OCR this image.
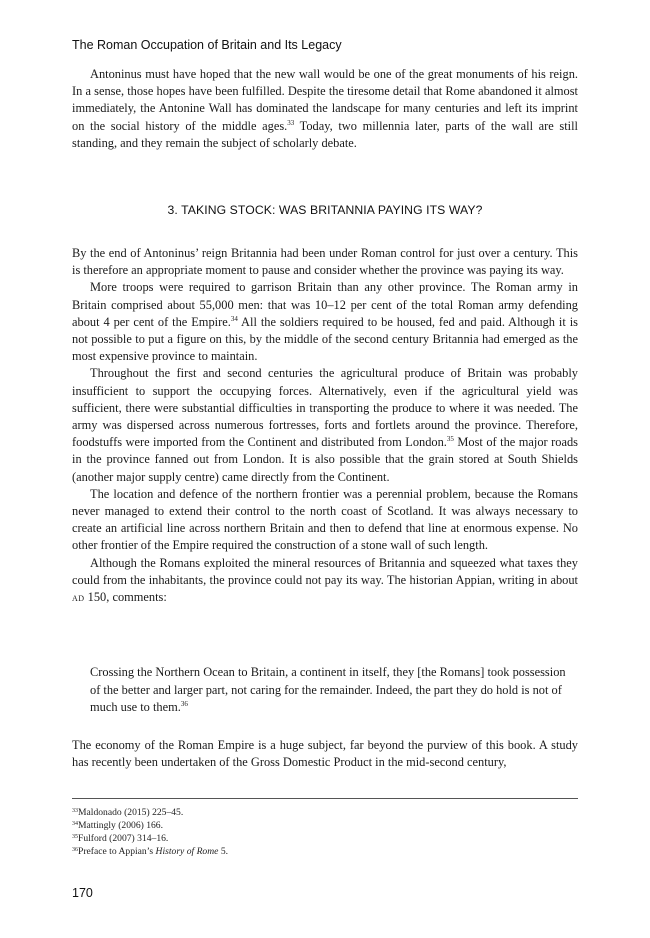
The Roman Occupation of Britain and Its Legacy

Antoninus must have hoped that the new wall would be one of the great monuments of his reign. In a sense, those hopes have been fulfilled. Despite the tiresome detail that Rome abandoned it almost immediately, the Antonine Wall has dominated the landscape for many centuries and left its imprint on the social history of the middle ages.$^{33}$ Today, two millennia later, parts of the wall are still standing, and they remain the subject of scholarly debate.

3. TAKING STOCK: WAS BRITANNIA PAYING ITS WAY?

By the end of Antoninus’ reign Britannia had been under Roman control for just over a century. This is therefore an appropriate moment to pause and consider whether the province was paying its way.

More troops were required to garrison Britain than any other province. The Roman army in Britain comprised about 55,000 men: that was 10–12 per cent of the total Roman army defending about 4 per cent of the Empire.$^{34}$ All the soldiers required to be housed, fed and paid. Although it is not possible to put a figure on this, by the middle of the second century Britannia had emerged as the most expensive province to maintain.

Throughout the first and second centuries the agricultural produce of Britain was probably insufficient to support the occupying forces. Alternatively, even if the agricultural yield was sufficient, there were substantial difficulties in transporting the produce to where it was needed. The army was dispersed across numerous fortresses, forts and fortlets around the province. Therefore, foodstuffs were imported from the Continent and distributed from London.$^{35}$ Most of the major roads in the province fanned out from London. It is also possible that the grain stored at South Shields (another major supply centre) came directly from the Continent.

The location and defence of the northern frontier was a perennial problem, because the Romans never managed to extend their control to the north coast of Scotland. It was always necessary to create an artificial line across northern Britain and then to defend that line at enormous expense. No other frontier of the Empire required the construction of a stone wall of such length.

Although the Romans exploited the mineral resources of Britannia and squeezed what taxes they could from the inhabitants, the province could not pay its way. The historian Appian, writing in about ad 150, comments:

Crossing the Northern Ocean to Britain, a continent in itself, they [the Romans] took possession of the better and larger part, not caring for the remainder. Indeed, the part they do hold is not of much use to them.$^{36}$

The economy of the Roman Empire is a huge subject, far beyond the purview of this book. A study has recently been undertaken of the Gross Domestic Product in the mid-second century,

$^{33}$Maldonado (2015) 225–45.
$^{34}$Mattingly (2006) 166.
$^{35}$Fulford (2007) 314–16.
$^{36}$Preface to Appian’s History of Rome 5.
170
